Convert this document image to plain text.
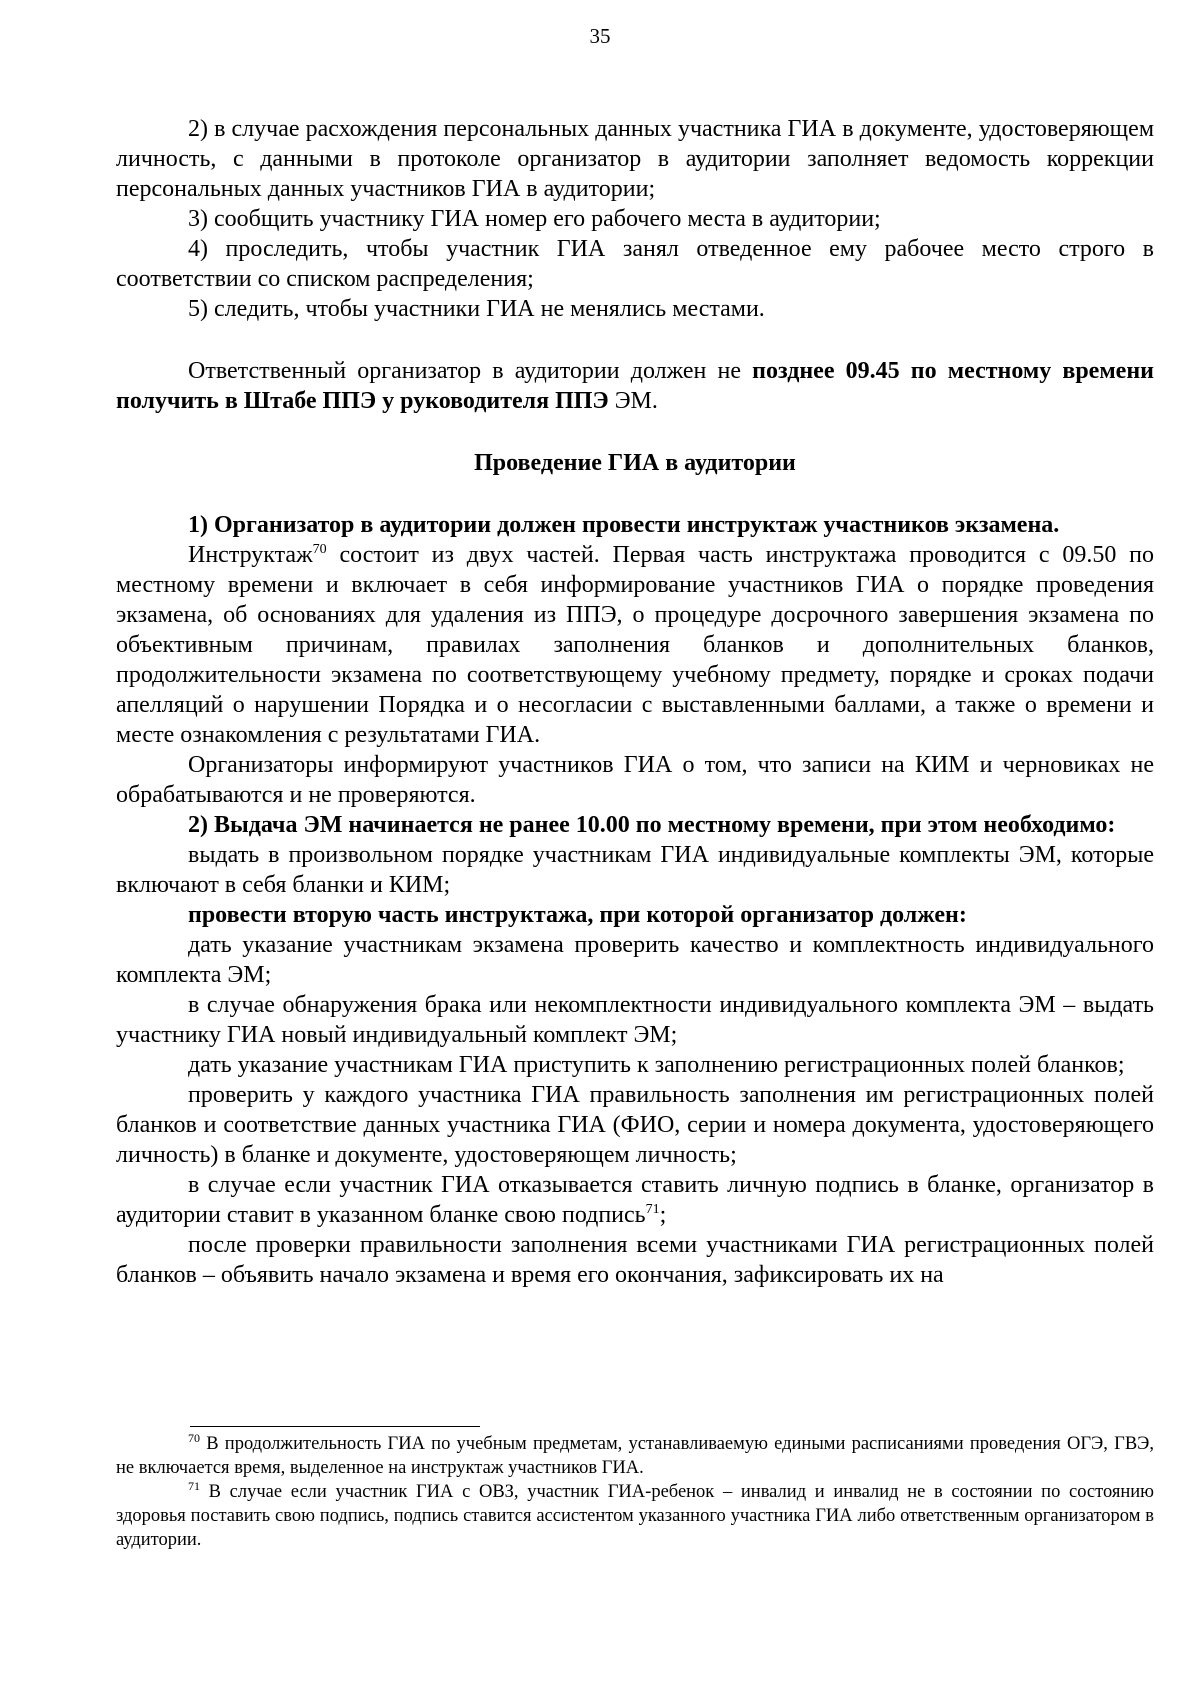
35

2) в случае расхождения персональных данных участника ГИА в документе, удостоверяющем личность, с данными в протоколе организатор в аудитории заполняет ведомость коррекции персональных данных участников ГИА в аудитории;

3) сообщить участнику ГИА номер его рабочего места в аудитории;

4) проследить, чтобы участник ГИА занял отведенное ему рабочее место строго в соответствии со списком распределения;

5) следить, чтобы участники ГИА не менялись местами.

Ответственный организатор в аудитории должен не позднее 09.45 по местному времени получить в Штабе ППЭ у руководителя ППЭ ЭМ.

Проведение ГИА в аудитории

1) Организатор в аудитории должен провести инструктаж участников экзамена.

Инструктаж$^{70}$ состоит из двух частей. Первая часть инструктажа проводится с 09.50 по местному времени и включает в себя информирование участников ГИА о порядке проведения экзамена, об основаниях для удаления из ППЭ, о процедуре досрочного завершения экзамена по объективным причинам, правилах заполнения бланков и дополнительных бланков, продолжительности экзамена по соответствующему учебному предмету, порядке и сроках подачи апелляций о нарушении Порядка и о несогласии с выставленными баллами, а также о времени и месте ознакомления с результатами ГИА.

Организаторы информируют участников ГИА о том, что записи на КИМ и черновиках не обрабатываются и не проверяются.

2) Выдача ЭМ начинается не ранее 10.00 по местному времени, при этом необходимо:

выдать в произвольном порядке участникам ГИА индивидуальные комплекты ЭМ, которые включают в себя бланки и КИМ;

провести вторую часть инструктажа, при которой организатор должен:

дать указание участникам экзамена проверить качество и комплектность индивидуального комплекта ЭМ;

в случае обнаружения брака или некомплектности индивидуального комплекта ЭМ – выдать участнику ГИА новый индивидуальный комплект ЭМ;

дать указание участникам ГИА приступить к заполнению регистрационных полей бланков;

проверить у каждого участника ГИА правильность заполнения им регистрационных полей бланков и соответствие данных участника ГИА (ФИО, серии и номера документа, удостоверяющего личность) в бланке и документе, удостоверяющем личность;

в случае если участник ГИА отказывается ставить личную подпись в бланке, организатор в аудитории ставит в указанном бланке свою подпись$^{71}$;

после проверки правильности заполнения всеми участниками ГИА регистрационных полей бланков – объявить начало экзамена и время его окончания, зафиксировать их на

$^{70}$ В продолжительность ГИА по учебным предметам, устанавливаемую едиными расписаниями проведения ОГЭ, ГВЭ, не включается время, выделенное на инструктаж участников ГИА.

$^{71}$ В случае если участник ГИА с ОВЗ, участник ГИА-ребенок – инвалид и инвалид не в состоянии по состоянию здоровья поставить свою подпись, подпись ставится ассистентом указанного участника ГИА либо ответственным организатором в аудитории.
